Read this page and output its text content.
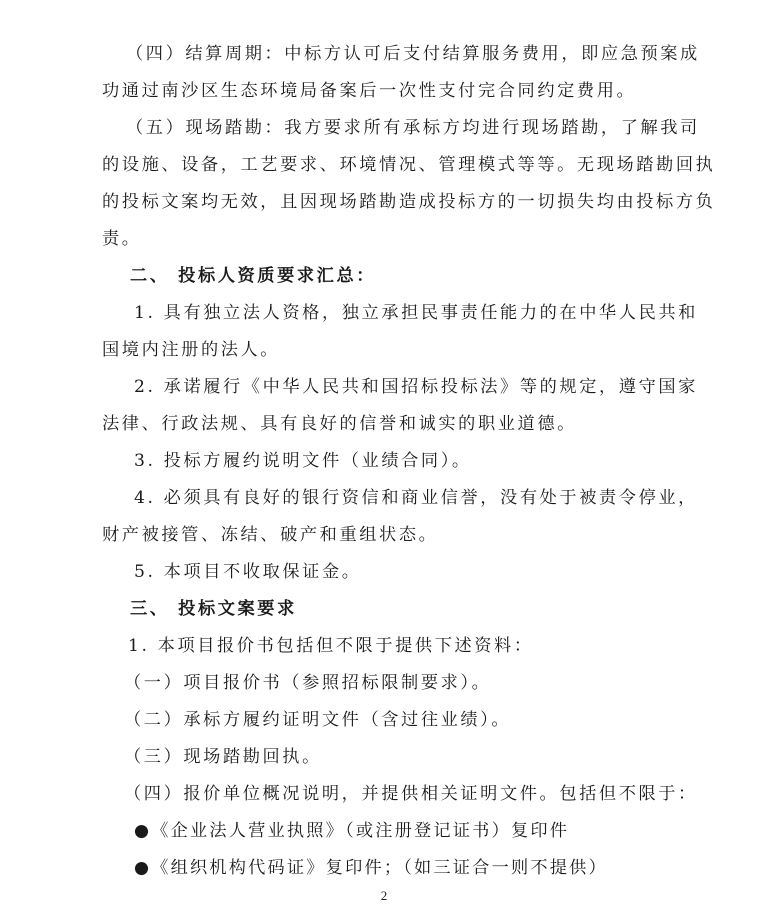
（四）结算周期：中标方认可后支付结算服务费用，即应急预案成
功通过南沙区生态环境局备案后一次性支付完合同约定费用。
（五）现场踏勘：我方要求所有承标方均进行现场踏勘，了解我司
的设施、设备，工艺要求、环境情况、管理模式等等。无现场踏勘回执
的投标文案均无效，且因现场踏勘造成投标方的一切损失均由投标方负
责。
二、 投标人资质要求汇总：
1. 具有独立法人资格，独立承担民事责任能力的在中华人民共和
国境内注册的法人。
2. 承诺履行《中华人民共和国招标投标法》等的规定，遵守国家
法律、行政法规、具有良好的信誉和诚实的职业道德。
3. 投标方履约说明文件（业绩合同）。
4. 必须具有良好的银行资信和商业信誉，没有处于被责令停业，
财产被接管、冻结、破产和重组状态。
5. 本项目不收取保证金。
三、 投标文案要求
1. 本项目报价书包括但不限于提供下述资料：
（一）项目报价书（参照招标限制要求）。
（二）承标方履约证明文件（含过往业绩）。
（三）现场踏勘回执。
（四）报价单位概况说明，并提供相关证明文件。包括但不限于：
●《企业法人营业执照》（或注册登记证书）复印件
●《组织机构代码证》复印件；（如三证合一则不提供）
2
